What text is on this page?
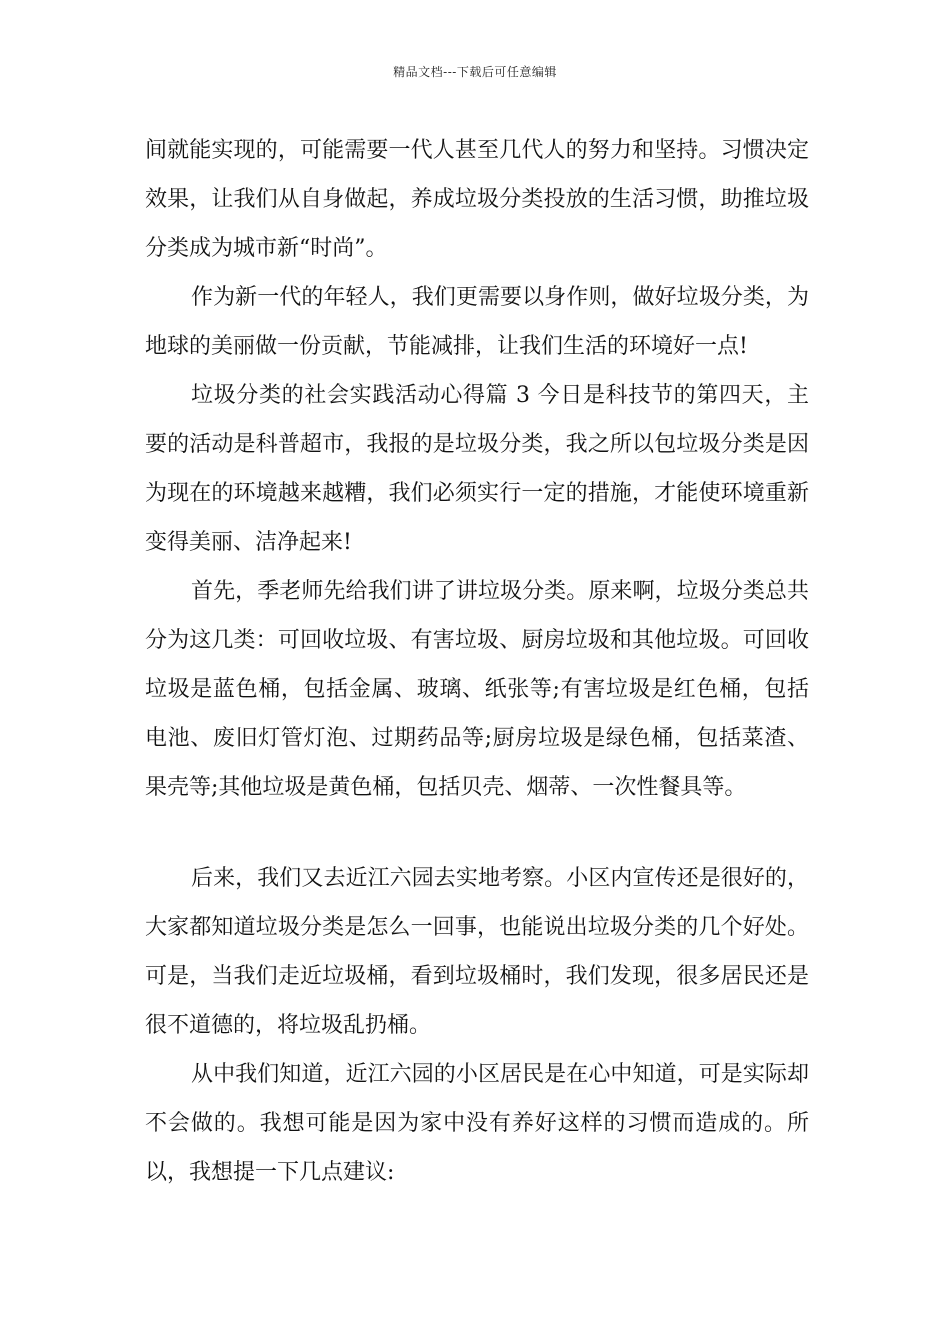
精品文档---下载后可任意编辑

间就能实现的，可能需要一代人甚至几代人的努力和坚持。习惯决定效果，让我们从自身做起，养成垃圾分类投放的生活习惯，助推垃圾分类成为城市新“时尚”。

作为新一代的年轻人，我们更需要以身作则，做好垃圾分类，为地球的美丽做一份贡献，节能减排，让我们生活的环境好一点!

垃圾分类的社会实践活动心得篇 3 今日是科技节的第四天，主要的活动是科普超市，我报的是垃圾分类，我之所以包垃圾分类是因为现在的环境越来越糟，我们必须实行一定的措施，才能使环境重新变得美丽、洁净起来!

首先，季老师先给我们讲了讲垃圾分类。原来啊，垃圾分类总共分为这几类：可回收垃圾、有害垃圾、厨房垃圾和其他垃圾。可回收垃圾是蓝色桶，包括金属、玻璃、纸张等;有害垃圾是红色桶，包括电池、废旧灯管灯泡、过期药品等;厨房垃圾是绿色桶，包括菜渣、果壳等;其他垃圾是黄色桶，包括贝壳、烟蒂、一次性餐具等。

后来，我们又去近江六园去实地考察。小区内宣传还是很好的，大家都知道垃圾分类是怎么一回事，也能说出垃圾分类的几个好处。可是，当我们走近垃圾桶，看到垃圾桶时，我们发现，很多居民还是很不道德的，将垃圾乱扔桶。

从中我们知道，近江六园的小区居民是在心中知道，可是实际却不会做的。我想可能是因为家中没有养好这样的习惯而造成的。所以，我想提一下几点建议:
